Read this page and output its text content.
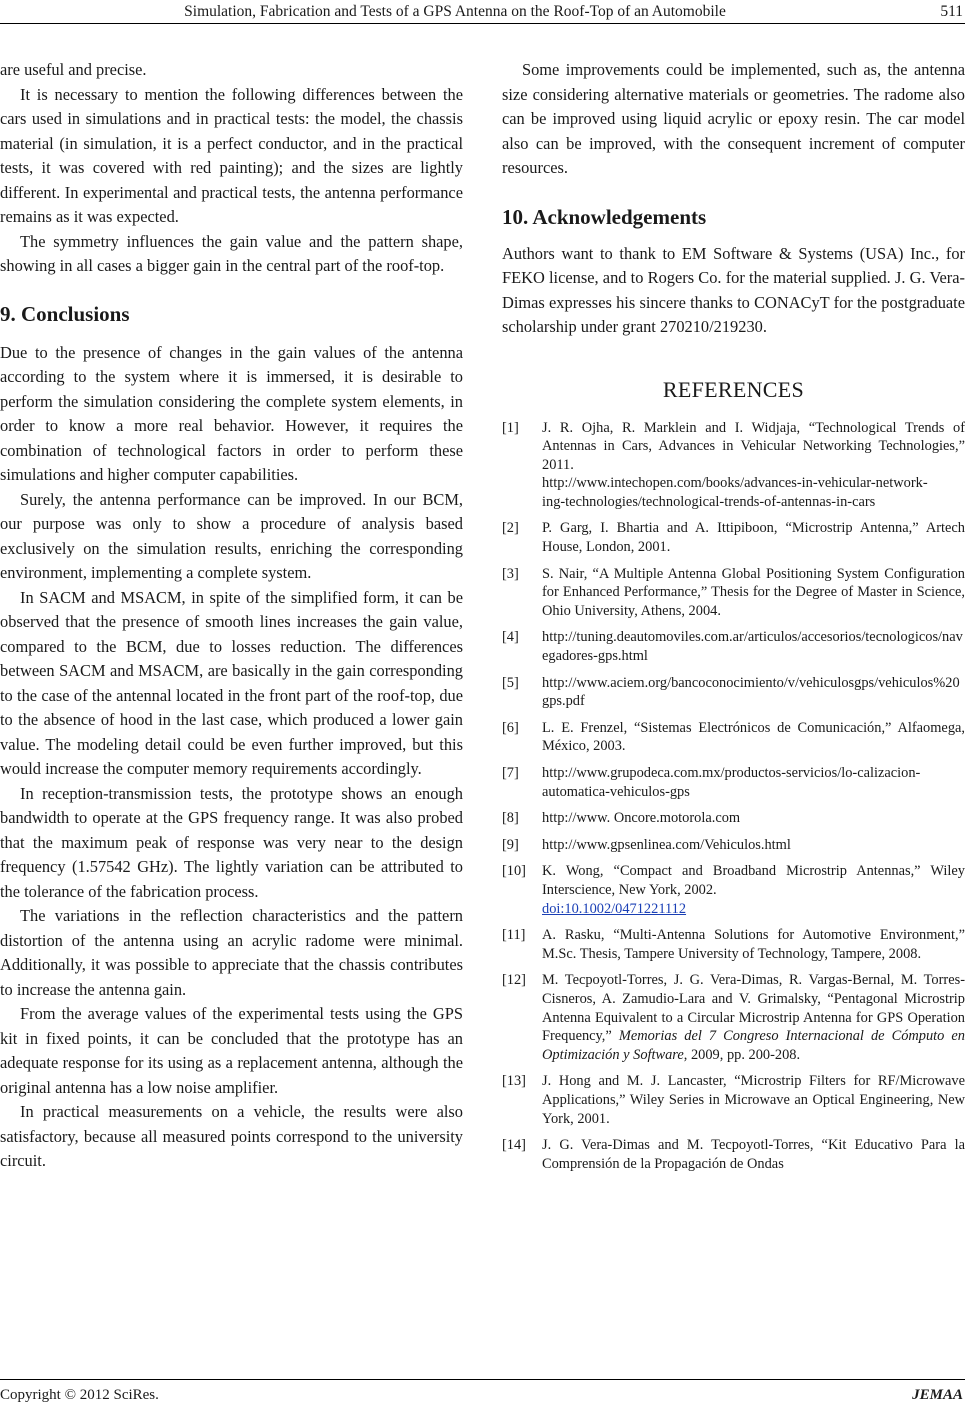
Simulation, Fabrication and Tests of a GPS Antenna on the Roof-Top of an Automobile	511

are useful and precise.

It is necessary to mention the following differences between the cars used in simulations and in practical tests: the model, the chassis material (in simulation, it is a perfect conductor, and in the practical tests, it was covered with red painting); and the sizes are lightly different. In experimental and practical tests, the antenna performance remains as it was expected.

The symmetry influences the gain value and the pattern shape, showing in all cases a bigger gain in the central part of the roof-top.

9. Conclusions

Due to the presence of changes in the gain values of the antenna according to the system where it is immersed, it is desirable to perform the simulation considering the complete system elements, in order to know a more real behavior. However, it requires the combination of technological factors in order to perform these simulations and higher computer capabilities.

Surely, the antenna performance can be improved. In our BCM, our purpose was only to show a procedure of analysis based exclusively on the simulation results, enriching the corresponding environment, implementing a complete system.

In SACM and MSACM, in spite of the simplified form, it can be observed that the presence of smooth lines increases the gain value, compared to the BCM, due to losses reduction. The differences between SACM and MSACM, are basically in the gain corresponding to the case of the antennal located in the front part of the roof-top, due to the absence of hood in the last case, which produced a lower gain value. The modeling detail could be even further improved, but this would increase the computer memory requirements accordingly.

In reception-transmission tests, the prototype shows an enough bandwidth to operate at the GPS frequency range. It was also probed that the maximum peak of response was very near to the design frequency (1.57542 GHz). The lightly variation can be attributed to the tolerance of the fabrication process.

The variations in the reflection characteristics and the pattern distortion of the antenna using an acrylic radome were minimal. Additionally, it was possible to appreciate that the chassis contributes to increase the antenna gain.

From the average values of the experimental tests using the GPS kit in fixed points, it can be concluded that the prototype has an adequate response for its using as a replacement antenna, although the original antenna has a low noise amplifier.

In practical measurements on a vehicle, the results were also satisfactory, because all measured points correspond to the university circuit.

Some improvements could be implemented, such as, the antenna size considering alternative materials or geometries. The radome also can be improved using liquid acrylic or epoxy resin. The car model also can be improved, with the consequent increment of computer resources.

10. Acknowledgements

Authors want to thank to EM Software & Systems (USA) Inc., for FEKO license, and to Rogers Co. for the material supplied. J. G. Vera-Dimas expresses his sincere thanks to CONACyT for the postgraduate scholarship under grant 270210/219230.

REFERENCES
[1]	J. R. Ojha, R. Marklein and I. Widjaja, “Technological Trends of Antennas in Cars, Advances in Vehicular Networking Technologies,” 2011.
http://www.intechopen.com/books/advances-in-vehicular-network-
ing-technologies/technological-trends-of-antennas-in-cars
[2]	P. Garg, I. Bhartia and A. Ittipiboon, “Microstrip Antenna,” Artech House, London, 2001.
[3]	S. Nair, “A Multiple Antenna Global Positioning System Configuration for Enhanced Performance,” Thesis for the Degree of Master in Science, Ohio University, Athens, 2004.
[4]	http://tuning.deautomoviles.com.ar/articulos/accesorios/tecnologicos/navegadores-gps.html
[5]	http://www.aciem.org/bancoconocimiento/v/vehiculosgps/vehiculos%20gps.pdf
[6]	L. E. Frenzel, “Sistemas Electrónicos de Comunicación,” Alfaomega, México, 2003.
[7]	http://www.grupodeca.com.mx/productos-servicios/lo-calizacion-automatica-vehiculos-gps
[8]	http://www. Oncore.motorola.com
[9]	http://www.gpsenlinea.com/Vehiculos.html
[10]	K. Wong, “Compact and Broadband Microstrip Antennas,” Wiley Interscience, New York, 2002.
doi:10.1002/0471221112
[11]	A. Rasku, “Multi-Antenna Solutions for Automotive Environment,” M.Sc. Thesis, Tampere University of Technology, Tampere, 2008.
[12]	M. Tecpoyotl-Torres, J. G. Vera-Dimas, R. Vargas-Bernal, M. Torres-Cisneros, A. Zamudio-Lara and V. Grimalsky, “Pentagonal Microstrip Antenna Equivalent to a Circular Microstrip Antenna for GPS Operation Frequency,” Memorias del 7 Congreso Internacional de Cómputo en Optimización y Software, 2009, pp. 200-208.
[13]	J. Hong and M. J. Lancaster, “Microstrip Filters for RF/Microwave Applications,” Wiley Series in Microwave an Optical Engineering, New York, 2001.
[14]	J. G. Vera-Dimas and M. Tecpoyotl-Torres, “Kit Educativo Para la Comprensión de la Propagación de Ondas
Copyright © 2012 SciRes.	JEMAA
